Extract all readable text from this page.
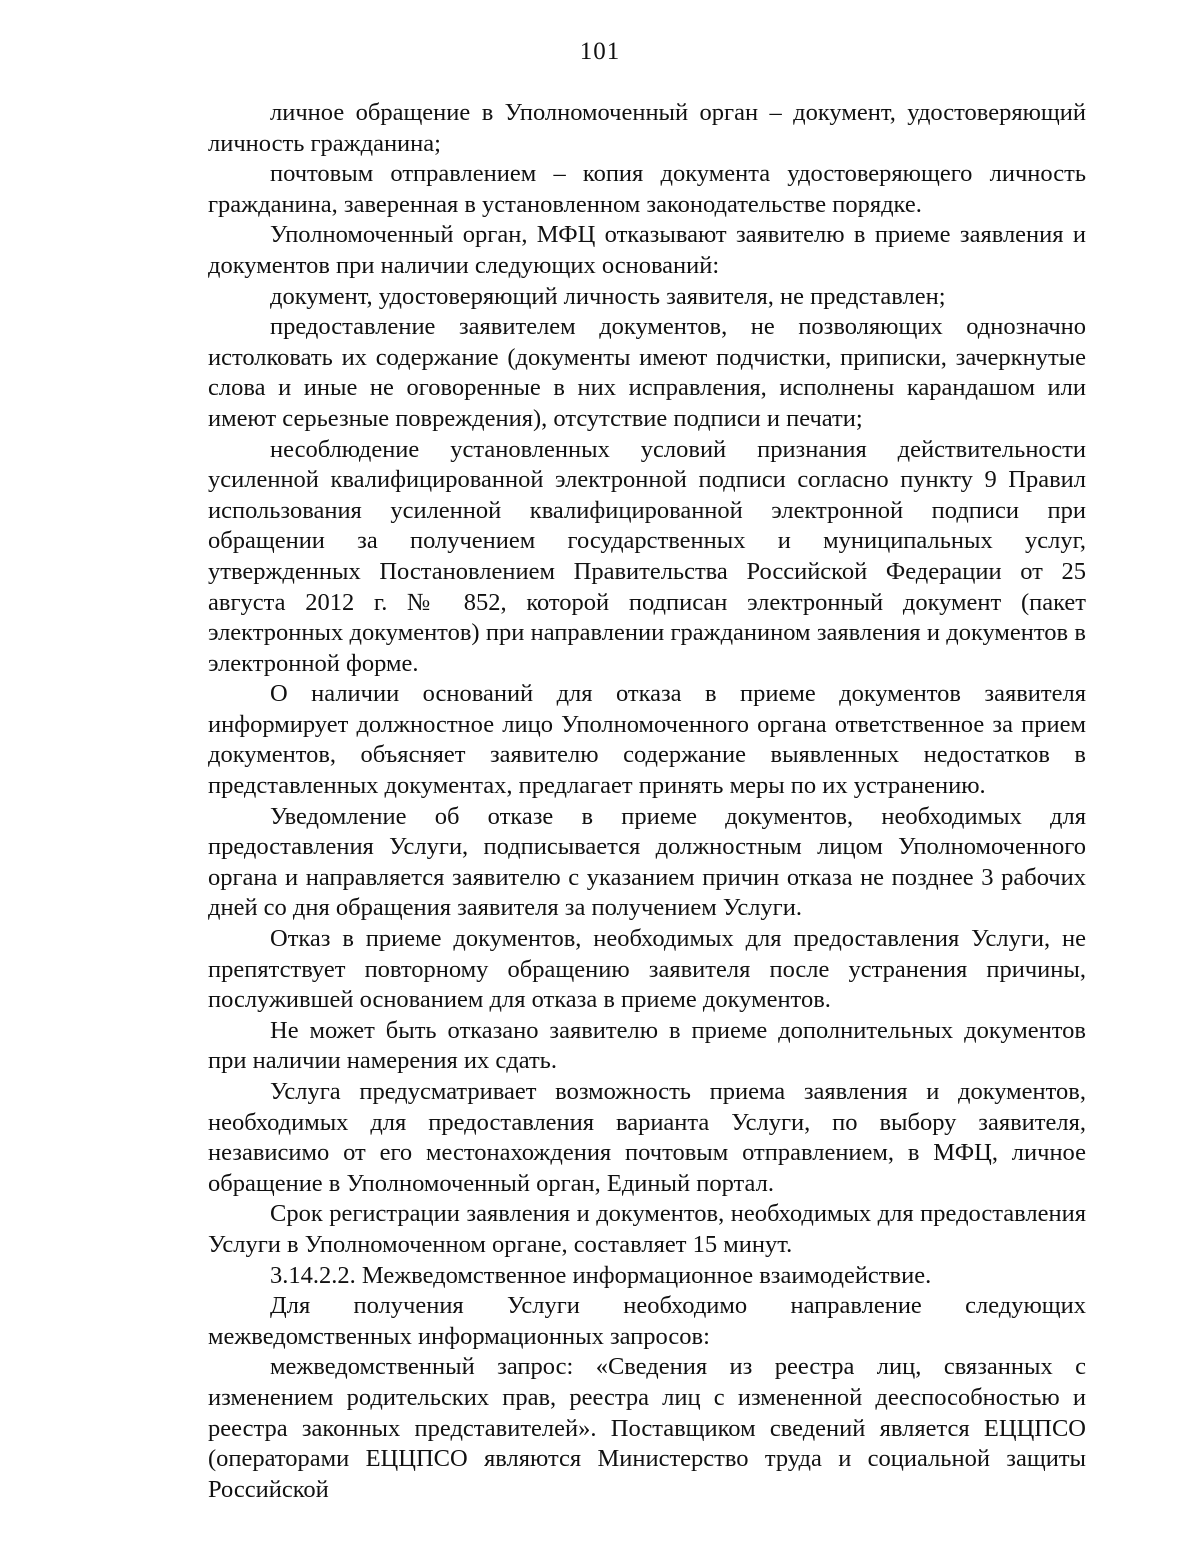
101

личное обращение в Уполномоченный орган – документ, удостоверяющий личность гражданина;

почтовым отправлением – копия документа удостоверяющего личность гражданина, заверенная в установленном законодательстве порядке.

Уполномоченный орган, МФЦ отказывают заявителю в приеме заявления и документов при наличии следующих оснований:

документ, удостоверяющий личность заявителя, не представлен;

предоставление заявителем документов, не позволяющих однозначно истолковать их содержание (документы имеют подчистки, приписки, зачеркнутые слова и иные не оговоренные в них исправления, исполнены карандашом или имеют серьезные повреждения), отсутствие подписи и печати;

несоблюдение установленных условий признания действительности усиленной квалифицированной электронной подписи согласно пункту 9 Правил использования усиленной квалифицированной электронной подписи при обращении за получением государственных и муниципальных услуг, утвержденных Постановлением Правительства Российской Федерации от 25 августа 2012 г. № 852, которой подписан электронный документ (пакет электронных документов) при направлении гражданином заявления и документов в электронной форме.

О наличии оснований для отказа в приеме документов заявителя информирует должностное лицо Уполномоченного органа ответственное за прием документов, объясняет заявителю содержание выявленных недостатков в представленных документах, предлагает принять меры по их устранению.

Уведомление об отказе в приеме документов, необходимых для предоставления Услуги, подписывается должностным лицом Уполномоченного органа и направляется заявителю с указанием причин отказа не позднее 3 рабочих дней со дня обращения заявителя за получением Услуги.

Отказ в приеме документов, необходимых для предоставления Услуги, не препятствует повторному обращению заявителя после устранения причины, послужившей основанием для отказа в приеме документов.

Не может быть отказано заявителю в приеме дополнительных документов при наличии намерения их сдать.

Услуга предусматривает возможность приема заявления и документов, необходимых для предоставления варианта Услуги, по выбору заявителя, независимо от его местонахождения почтовым отправлением, в МФЦ, личное обращение в Уполномоченный орган, Единый портал.

Срок регистрации заявления и документов, необходимых для предоставления Услуги в Уполномоченном органе, составляет 15 минут.

3.14.2.2. Межведомственное информационное взаимодействие.

Для получения Услуги необходимо направление следующих межведомственных информационных запросов:

межведомственный запрос: «Сведения из реестра лиц, связанных с изменением родительских прав, реестра лиц с измененной дееспособностью и реестра законных представителей». Поставщиком сведений является ЕЦЦПСО (операторами ЕЦЦПСО являются Министерство труда и социальной защиты Российской
